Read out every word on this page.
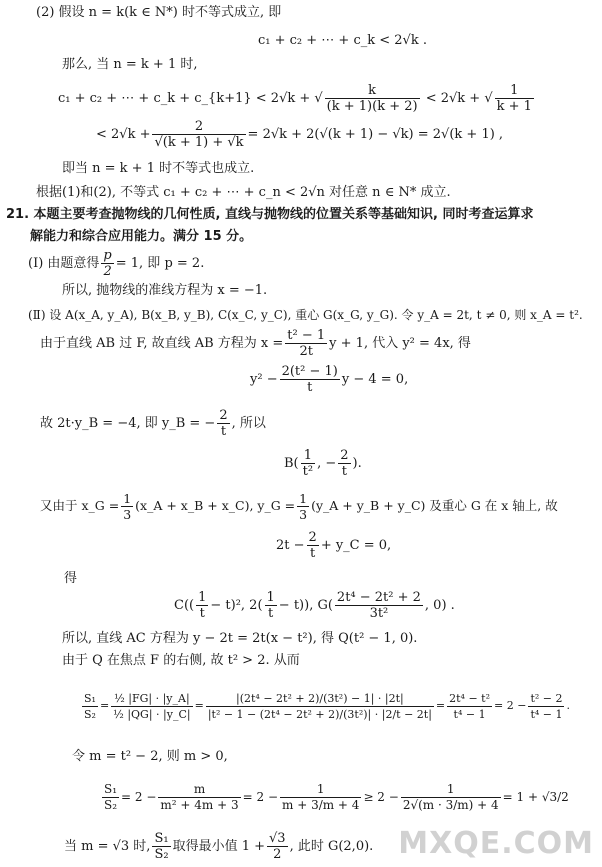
(2) 假设 n = k(k ∈ N*) 时不等式成立, 即
c₁ + c₂ + ⋯ + c_k < 2√k .
那么, 当 n = k + 1 时,
c₁ + c₂ + ⋯ + c_k + c_{k+1} < 2√k + √ $\frac{k}{(k + 1)(k + 2)} < 2√k$ + √ $\frac{1}{k + 1}$
< $2√k + \frac{2}{√(k + 1) + √k} = 2√k + 2(√(k + 1) - √k) = 2√(k + 1)$ ,
即当 n = k + 1 时不等式也成立.
根据(1)和(2), 不等式 c₁ + c₂ + ⋯ + c_n < 2√n 对任意 n ∈ N* 成立.
21. 本题主要考查抛物线的几何性质, 直线与抛物线的位置关系等基础知识, 同时考查运算求
解能力和综合应用能力。满分 15 分。
(Ⅰ) 由题意得 $\frac{p}{2} = 1$, 即 p = 2.
所以, 抛物线的准线方程为 x = −1.
(Ⅱ) 设 A(x_A, y_A), B(x_B, y_B), C(x_C, y_C), 重心 G(x_G, y_G). 令 y_A = 2t, t ≠ 0, 则 x_A = t².
由于直线 AB 过 F, 故直线 AB 方程为 $x = \frac{\text{t² − 1}}{2t}$ y + 1, 代入 y² = 4x, 得
$y^2 - \frac{\text{2(t² − 1)}}{t}$ y − 4 = 0,
故 2t·y_B = −4, 即 y_B = − $\frac{2}{t}$ , 所以
$B( \frac{1}{\text{t²}}$ , − $\frac{2}{t}$ ).
又由于 x_G = $\frac{1}{3}$ (x_A + x_B + x_C), y_G = $\frac{1}{3}$ (y_A + y_B + y_C) 及重心 G 在 x 轴上, 故
$2t - \frac{2}{t}$ + y_C = 0,
得
$C(( \frac{1}{t} - t)^2$, $2( \frac{1}{t} - t)$), $G( \frac{\text{2t⁴ − 2t² + 2}}{\text{3t²}}$ , 0) .
所以, 直线 AC 方程为 y − 2t = 2t(x − t²), 得 Q(t² − 1, 0).
由于 Q 在焦点 F 的右侧, 故 t² > 2. 从而
$\frac{\text{S₁}}{\text{S₂}} = \frac{\text{½ |FG| · |y\_A|}}{\text{½ |QG| · |y\_C|}} = \frac{\text{|(2t⁴ − 2t² + 2)/(3t²) − 1| · |2t|}}{\text{|t² − 1 − (2t⁴ − 2t² + 2)/(3t²)| · |2/t − 2t|}} = \frac{\text{2t⁴ − t²}}{\text{t⁴ − 1}} = 2 - \frac{\text{t² − 2}}{\text{t⁴ − 1}}$ .
令 m = t² − 2, 则 m > 0,
$\frac{\text{S₁}}{\text{S₂}} = 2 - \frac{m}{\text{m² + 4m + 3}} = 2 - \frac{1}{m + 3/m + 4} \ge 2 - \frac{1}{2√(m \cdot 3/m) + 4} = 1 + √3/2$
当 m = √3 时, $\frac{\text{S₁}}{\text{S₂}}$ 取得最小值 $1 + \frac{√3}{2}$ , 此时 G(2,0). MXQE.COM
